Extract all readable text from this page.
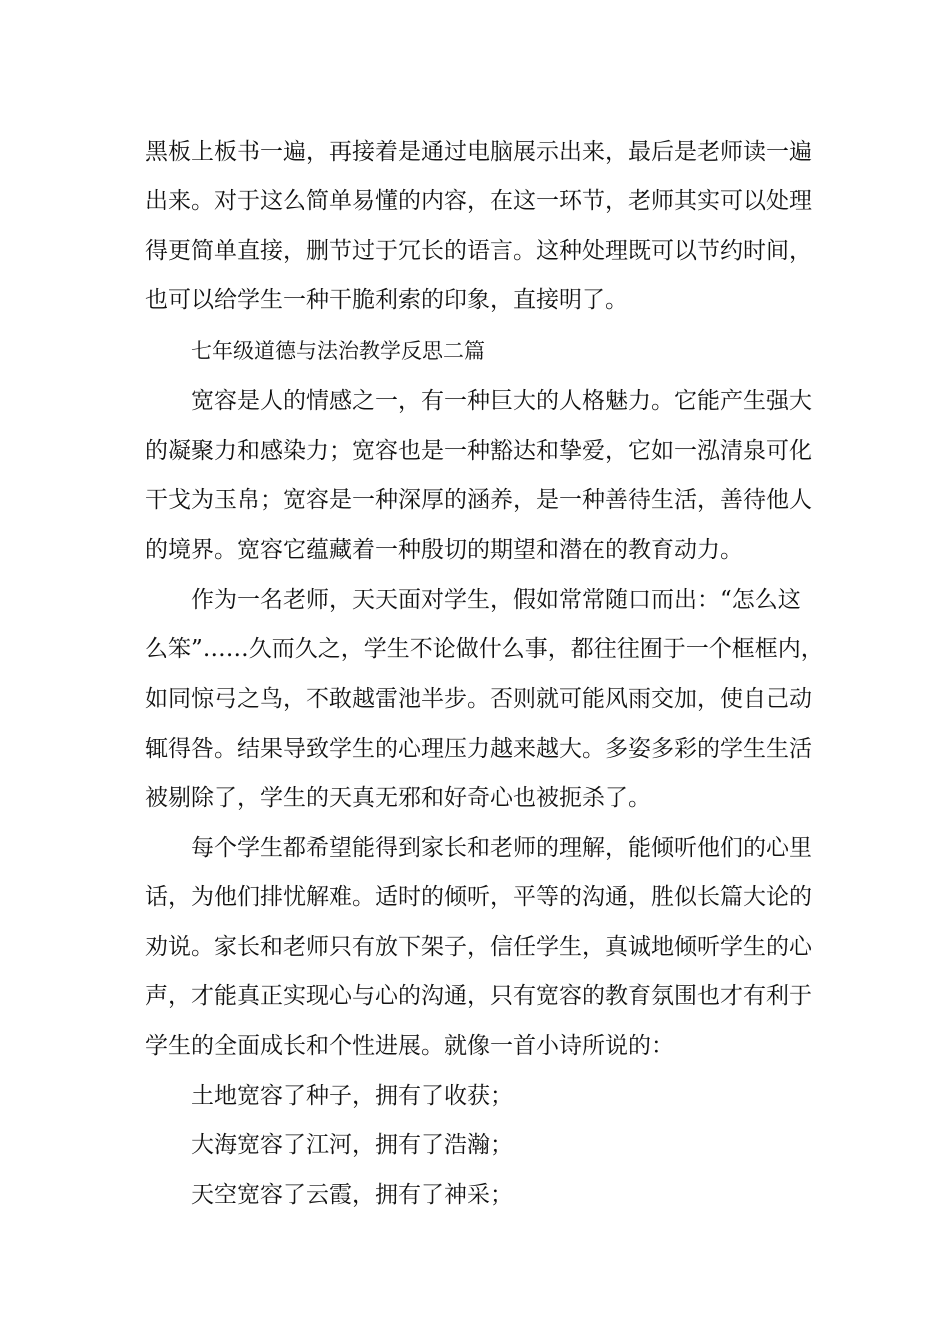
黑板上板书一遍，再接着是通过电脑展示出来，最后是老师读一遍
出来。对于这么简单易懂的内容，在这一环节，老师其实可以处理
得更简单直接，删节过于冗长的语言。这种处理既可以节约时间，
也可以给学生一种干脆利索的印象，直接明了。
七年级道德与法治教学反思二篇
宽容是人的情感之一，有一种巨大的人格魅力。它能产生强大
的凝聚力和感染力；宽容也是一种豁达和挚爱，它如一泓清泉可化
干戈为玉帛；宽容是一种深厚的涵养，是一种善待生活，善待他人
的境界。宽容它蕴藏着一种殷切的期望和潜在的教育动力。
作为一名老师，天天面对学生，假如常常随口而出：“怎么这
么笨”……久而久之，学生不论做什么事，都往往囿于一个框框内，
如同惊弓之鸟，不敢越雷池半步。否则就可能风雨交加，使自己动
辄得咎。结果导致学生的心理压力越来越大。多姿多彩的学生生活
被剔除了，学生的天真无邪和好奇心也被扼杀了。
每个学生都希望能得到家长和老师的理解，能倾听他们的心里
话，为他们排忧解难。适时的倾听，平等的沟通，胜似长篇大论的
劝说。家长和老师只有放下架子，信任学生，真诚地倾听学生的心
声，才能真正实现心与心的沟通，只有宽容的教育氛围也才有利于
学生的全面成长和个性进展。就像一首小诗所说的：
土地宽容了种子，拥有了收获；
大海宽容了江河，拥有了浩瀚；
天空宽容了云霞，拥有了神采；
